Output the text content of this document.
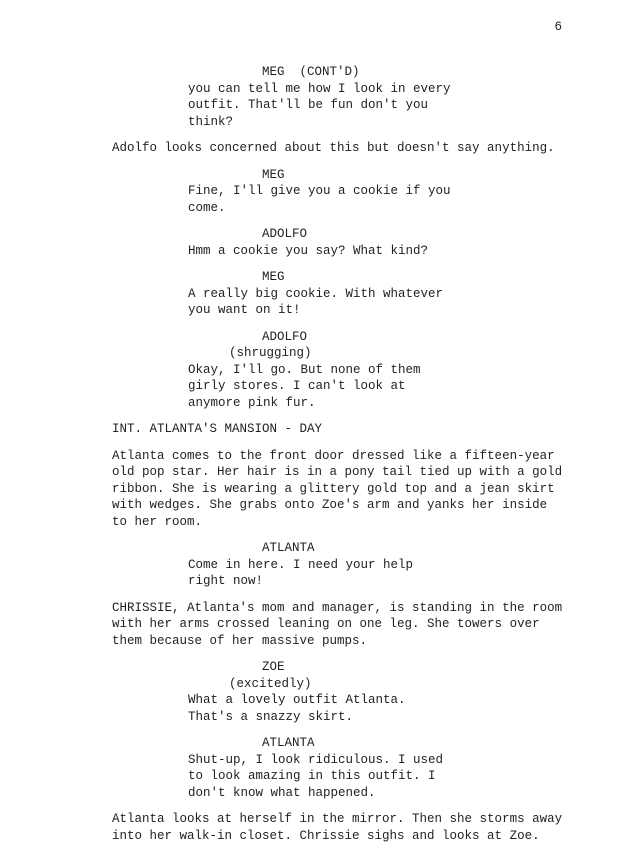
6
MEG  (CONT'D)
you can tell me how I look in every
outfit. That'll be fun don't you
think?
Adolfo looks concerned about this but doesn't say anything.
MEG
Fine, I'll give you a cookie if you
come.
ADOLFO
Hmm a cookie you say? What kind?
MEG
A really big cookie. With whatever
you want on it!
ADOLFO
(shrugging)
Okay, I'll go. But none of them
girly stores. I can't look at
anymore pink fur.
INT. ATLANTA'S MANSION - DAY
Atlanta comes to the front door dressed like a fifteen-year
old pop star. Her hair is in a pony tail tied up with a gold
ribbon. She is wearing a glittery gold top and a jean skirt
with wedges. She grabs onto Zoe's arm and yanks her inside
to her room.
ATLANTA
Come in here. I need your help
right now!
CHRISSIE, Atlanta's mom and manager, is standing in the room
with her arms crossed leaning on one leg. She towers over
them because of her massive pumps.
ZOE
(excitedly)
What a lovely outfit Atlanta.
That's a snazzy skirt.
ATLANTA
Shut-up, I look ridiculous. I used
to look amazing in this outfit. I
don't know what happened.
Atlanta looks at herself in the mirror. Then she storms away
into her walk-in closet. Chrissie sighs and looks at Zoe.
